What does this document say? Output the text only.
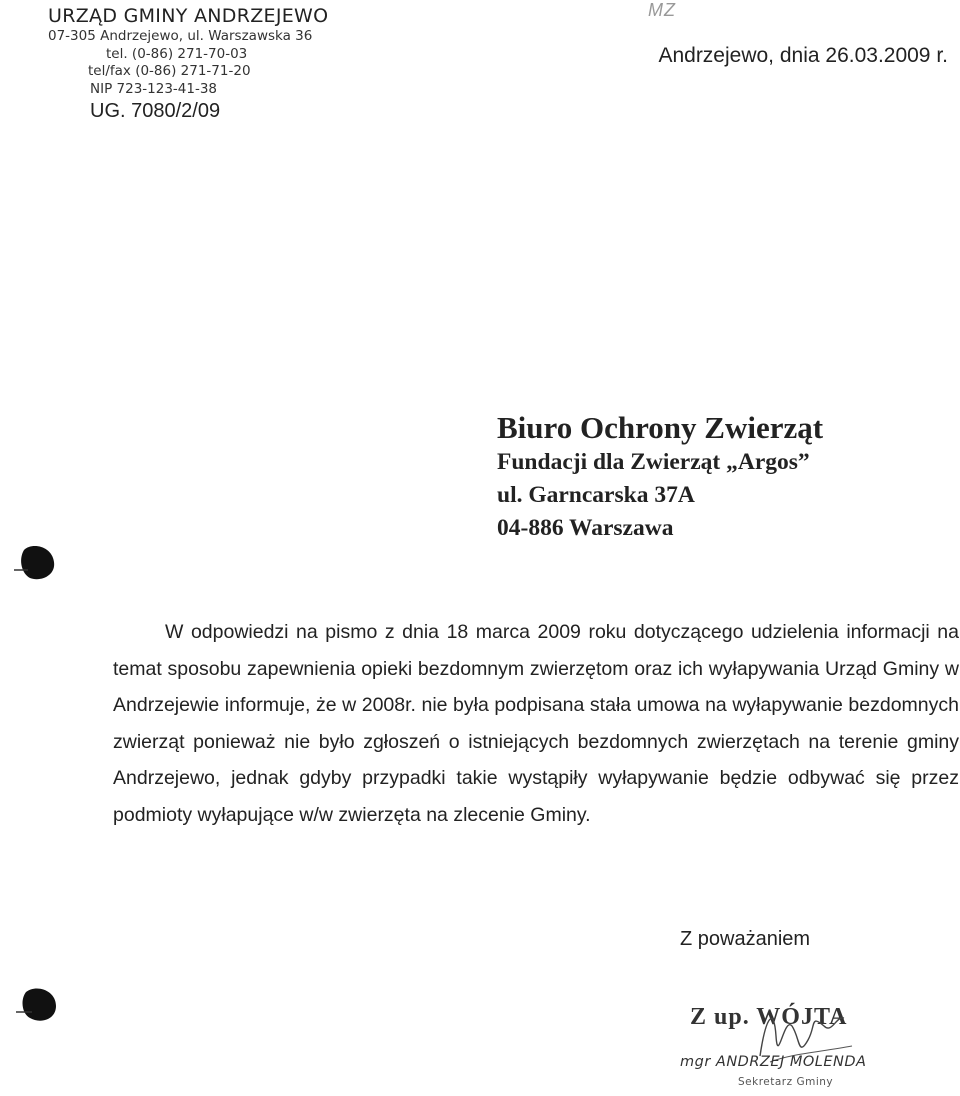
URZĄD GMINY ANDRZEJEWO
07-305 Andrzejewo, ul. Warszawska 36
tel. (0-86) 271-70-03
tel/fax (0-86) 271-71-20
NIP 723-123-41-38
UG. 7080/2/09
MZ
Andrzejewo, dnia 26.03.2009 r.
Biuro Ochrony Zwierząt
Fundacji dla Zwierząt „Argos”
ul. Garncarska 37A
04-886 Warszawa
W odpowiedzi na pismo z dnia 18 marca 2009 roku dotyczącego udzielenia informacji na temat sposobu zapewnienia opieki bezdomnym zwierzętom oraz ich wyłapywania Urząd Gminy w Andrzejewie informuje, że w 2008r. nie była podpisana stała umowa na wyłapywanie bezdomnych zwierząt ponieważ nie było zgłoszeń o istniejących bezdomnych zwierzętach na terenie gminy Andrzejewo, jednak gdyby przypadki takie wystąpiły wyłapywanie będzie odbywać się przez podmioty wyłapujące w/w zwierzęta na zlecenie Gminy.
Z poważaniem
Z up. WÓJTA
mgr ANDRZEJ MOLENDA
Sekretarz Gminy
